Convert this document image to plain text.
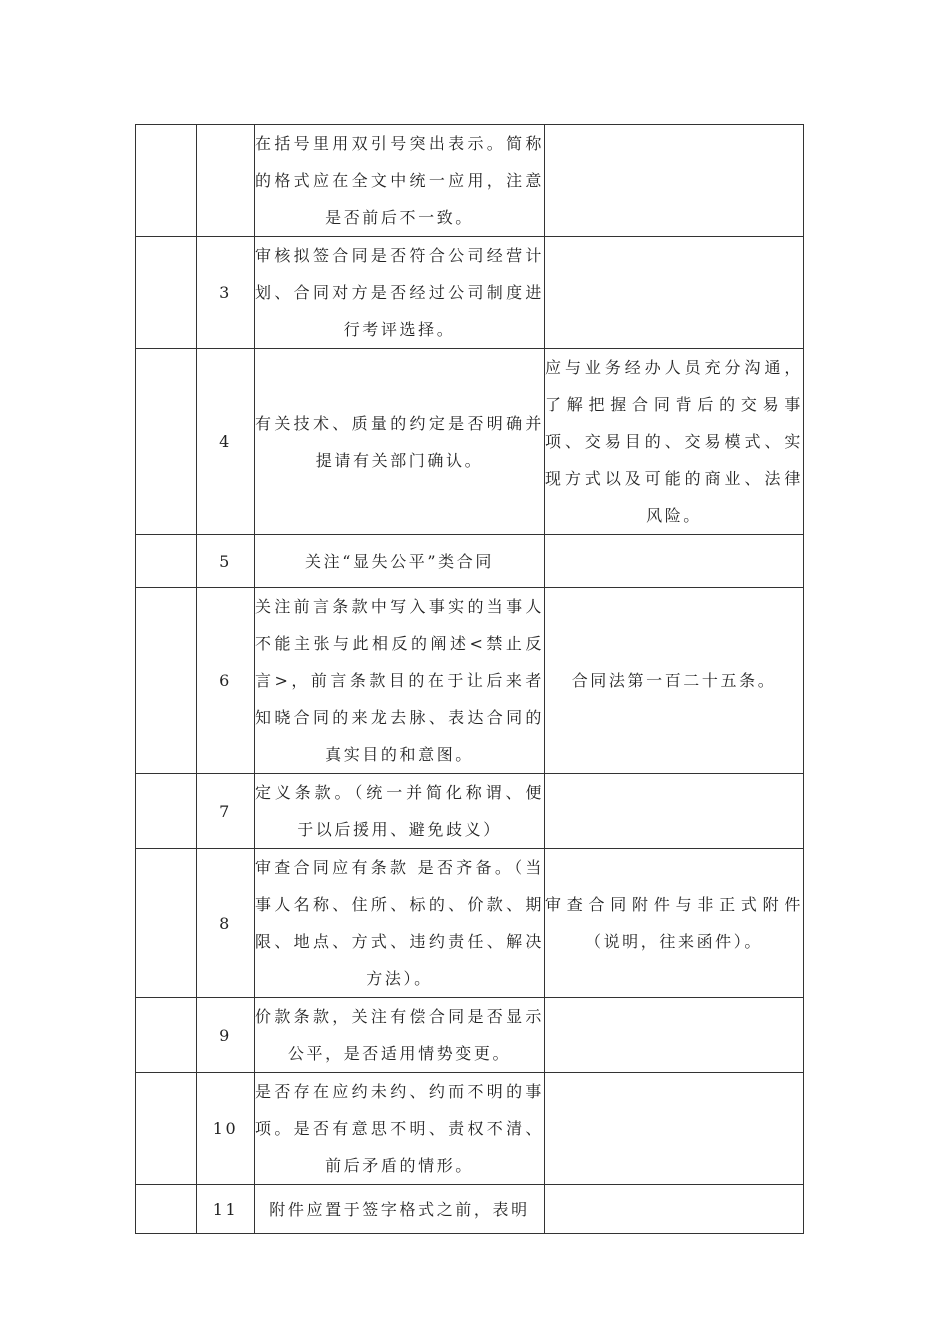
		在括号里用双引号突出表示。简称的格式应在全文中统一应用，注意是否前后不一致。	
	3	审核拟签合同是否符合公司经营计划、合同对方是否经过公司制度进行考评选择。	
	4	有关技术、质量的约定是否明确并提请有关部门确认。	应与业务经办人员充分沟通，了解把握合同背后的交易事项、交易目的、交易模式、实现方式以及可能的商业、法律风险。
	5	关注“显失公平”类合同	
	6	关注前言条款中写入事实的当事人不能主张与此相反的阐述<禁止反言>，前言条款目的在于让后来者知晓合同的来龙去脉、表达合同的真实目的和意图。	合同法第一百二十五条。
	7	定义条款。（统一并简化称谓、便于以后援用、避免歧义）	
	8	审查合同应有条款 是否齐备。（当事人名称、住所、标的、价款、期限、地点、方式、违约责任、解决方法）。	审查合同附件与非正式附件（说明，往来函件）。
	9	价款条款，关注有偿合同是否显示公平，是否适用情势变更。	
	10	是否存在应约未约、约而不明的事项。是否有意思不明、责权不清、前后矛盾的情形。	
	11	附件应置于签字格式之前，表明	
